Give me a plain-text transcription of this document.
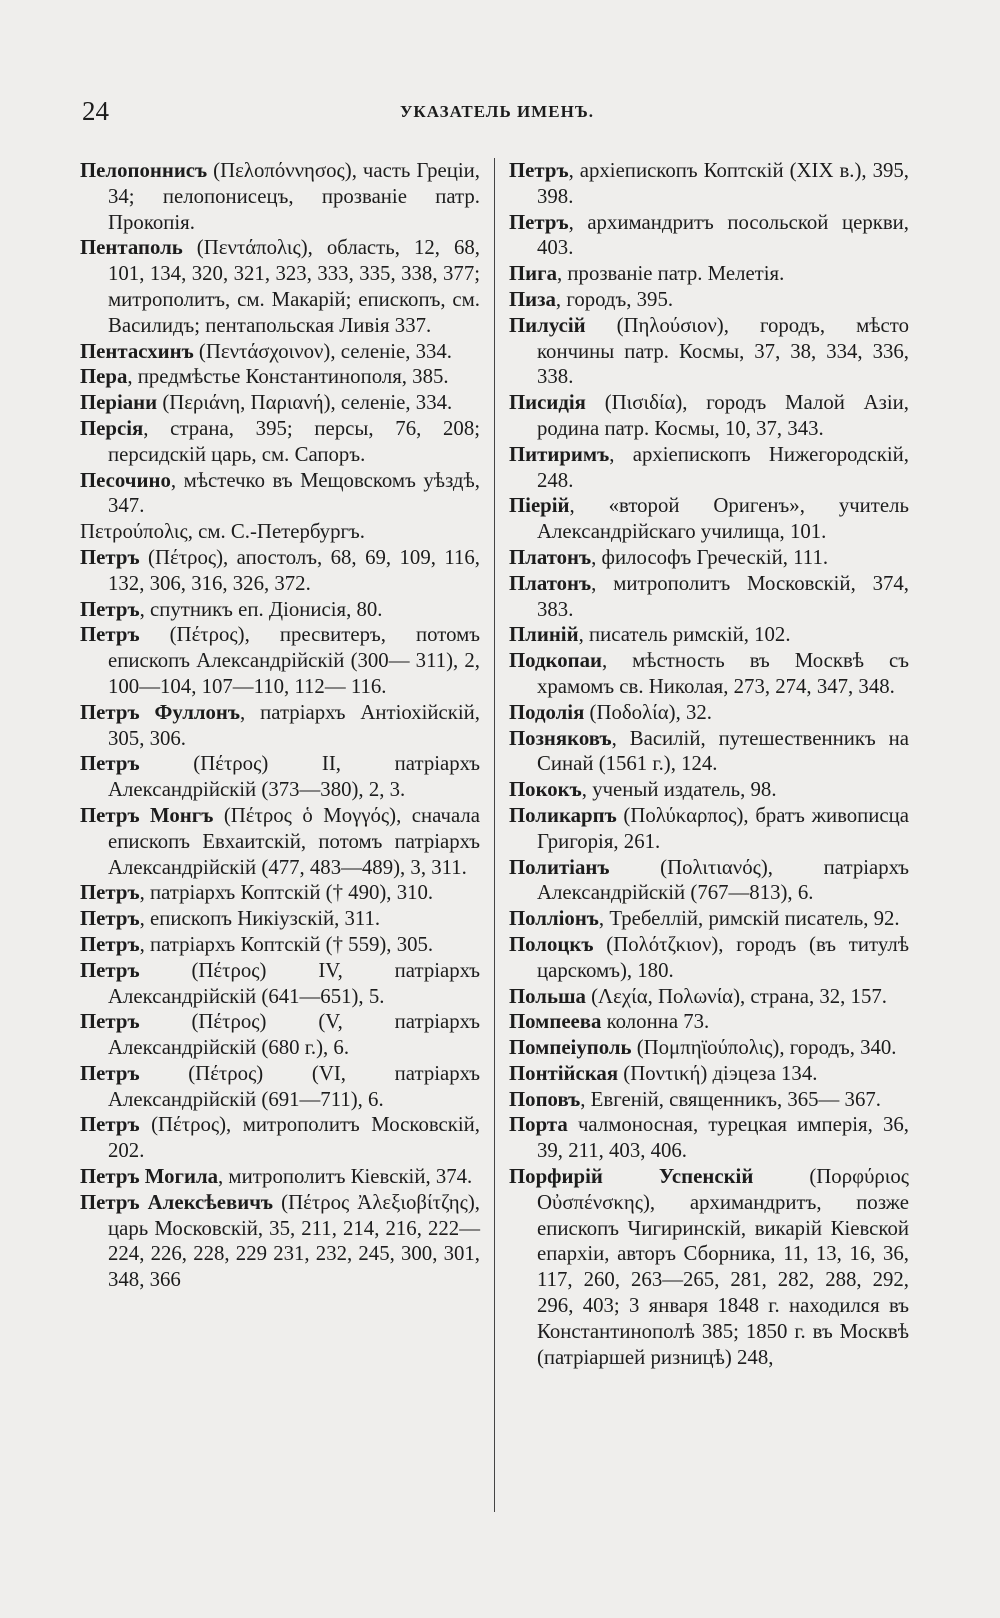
24	УКАЗАТЕЛЬ ИМЕНЪ.

Пелопоннисъ (Πελοπόννησος), часть Греціи, 34; пелопонисецъ, прозваніе патр. Прокопія.

Пентаполь (Πεντάπολις), область, 12, 68, 101, 134, 320, 321, 323, 333, 335, 338, 377; митрополитъ, см. Макарій; епископъ, см. Василидъ; пентапольская Ливія 337.

Пентасхинъ (Πεντάσχοινον), селеніе, 334.

Пера, предмѣстье Константинополя, 385.

Періани (Περιάνη, Παριανή), селеніе, 334.

Персія, страна, 395; персы, 76, 208; персидскій царь, см. Сапоръ.

Песочино, мѣстечко въ Мещовскомъ уѣздѣ, 347.

Πετρούπολις, см. С.-Петербургъ.

Петръ (Πέτρος), апостолъ, 68, 69, 109, 116, 132, 306, 316, 326, 372.

Петръ, спутникъ еп. Діонисія, 80.

Петръ (Πέτρος), пресвитеръ, потомъ епископъ Александрійскій (300— 311), 2, 100—104, 107—110, 112— 116.

Петръ Фуллонъ, патріархъ Антіохійскій, 305, 306.

Петръ (Πέτρος) II, патріархъ Александрійскій (373—380), 2, 3.

Петръ Монгъ (Πέτρος ὁ Μογγός), сначала епископъ Евхаитскій, потомъ патріархъ Александрійскій (477, 483—489), 3, 311.

Петръ, патріархъ Коптскій († 490), 310.

Петръ, епископъ Никіузскій, 311.

Петръ, патріархъ Коптскій († 559), 305.

Петръ (Πέτρος) IV, патріархъ Александрійскій (641—651), 5.

Петръ (Πέτρος) (V, патріархъ Александрійскій (680 г.), 6.

Петръ (Πέτρος) (VI, патріархъ Александрійскій (691—711), 6.

Петръ (Πέτρος), митрополитъ Московскій, 202.

Петръ Могила, митрополитъ Кіевскій, 374.

Петръ Алексѣевичъ (Πέτρος Ἀλεξιοβίτζης), царь Московскій, 35, 211, 214, 216, 222—224, 226, 228, 229 231, 232, 245, 300, 301, 348, 366

Петръ, архіепископъ Коптскій (XIX в.), 395, 398.

Петръ, архимандритъ посольской церкви, 403.

Пига, прозваніе патр. Мелетія.

Пиза, городъ, 395.

Пилусій (Πηλούσιον), городъ, мѣсто кончины патр. Космы, 37, 38, 334, 336, 338.

Писидія (Πισιδία), городъ Малой Азіи, родина патр. Космы, 10, 37, 343.

Питиримъ, архіепископъ Нижегородскій, 248.

Піерій, «второй Оригенъ», учитель Александрійскаго училища, 101.

Платонъ, философъ Греческій, 111.

Платонъ, митрополитъ Московскій, 374, 383.

Плиній, писатель римскій, 102.

Подкопаи, мѣстность въ Москвѣ съ храмомъ св. Николая, 273, 274, 347, 348.

Подолія (Ποδολία), 32.

Позняковъ, Василій, путешественникъ на Синай (1561 г.), 124.

Пококъ, ученый издатель, 98.

Поликарпъ (Πολύκαρπος), братъ живописца Григорія, 261.

Политіанъ (Πολιτιανός), патріархъ Александрійскій (767—813), 6.

Полліонъ, Требеллій, римскій писатель, 92.

Полоцкъ (Πολότζκιον), городъ (въ титулѣ царскомъ), 180.

Польша (Λεχία, Πολωνία), страна, 32, 157.

Помпеева колонна 73.

Помпеіуполь (Πομπηϊούπολις), городъ, 340.

Понтійская (Ποντική) діэцеза 134.

Поповъ, Евгеній, священникъ, 365— 367.

Порта чалмоносная, турецкая имперія, 36, 39, 211, 403, 406.

Порфирій Успенскій (Πορφύριος Οὐσπένσκης), архимандритъ, позже епископъ Чигиринскій, викарій Кіевской епархіи, авторъ Сборника, 11, 13, 16, 36, 117, 260, 263—265, 281, 282, 288, 292, 296, 403; 3 января 1848 г. находился въ Константинополѣ 385; 1850 г. въ Москвѣ (патріаршей ризницѣ) 248,
